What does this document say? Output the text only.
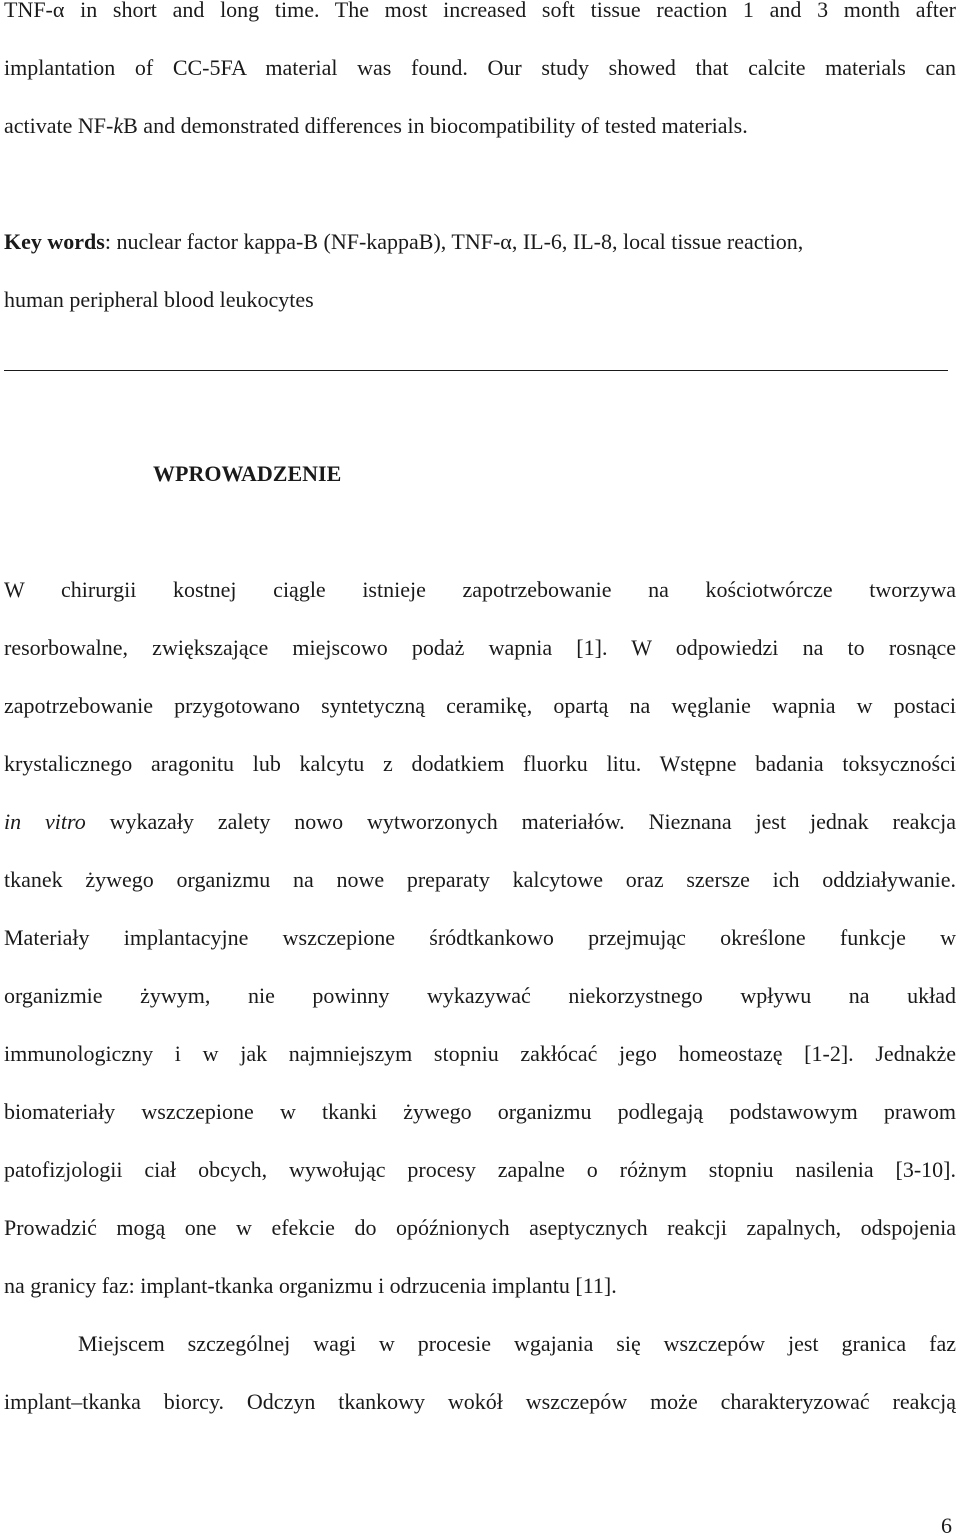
TNF-α in short and long time. The most increased soft tissue reaction 1 and 3 month after
implantation of CC-5FA material was found. Our study showed that calcite materials can
activate NF-kB and demonstrated differences in biocompatibility of tested materials.
Key words: nuclear factor kappa-B (NF-kappaB), TNF-α, IL-6, IL-8, local tissue reaction,
human peripheral blood leukocytes
WPROWADZENIE
W chirurgii kostnej ciągle istnieje zapotrzebowanie na kościotwórcze tworzywa
resorbowalne, zwiększające miejscowo podaż wapnia [1]. W odpowiedzi na to rosnące
zapotrzebowanie przygotowano syntetyczną ceramikę, opartą na węglanie wapnia w postaci
krystalicznego aragonitu lub kalcytu z dodatkiem fluorku litu. Wstępne badania toksyczności
in vitro wykazały zalety nowo wytworzonych materiałów. Nieznana jest jednak reakcja
tkanek żywego organizmu na nowe preparaty kalcytowe oraz szersze ich oddziaływanie.
Materiały implantacyjne wszczepione śródtkankowo przejmując określone funkcje w
organizmie żywym, nie powinny wykazywać niekorzystnego wpływu na układ
immunologiczny i w jak najmniejszym stopniu zakłócać jego homeostazę [1-2]. Jednakże
biomateriały wszczepione w tkanki żywego organizmu podlegają podstawowym prawom
patofizjologii ciał obcych, wywołując procesy zapalne o różnym stopniu nasilenia [3-10].
Prowadzić mogą one w efekcie do opóźnionych aseptycznych reakcji zapalnych, odspojenia
na granicy faz: implant-tkanka organizmu i odrzucenia implantu [11].
Miejscem szczególnej wagi w procesie wgajania się wszczepów jest granica faz
implant–tkanka biorcy. Odczyn tkankowy wokół wszczepów może charakteryzować reakcją
6
